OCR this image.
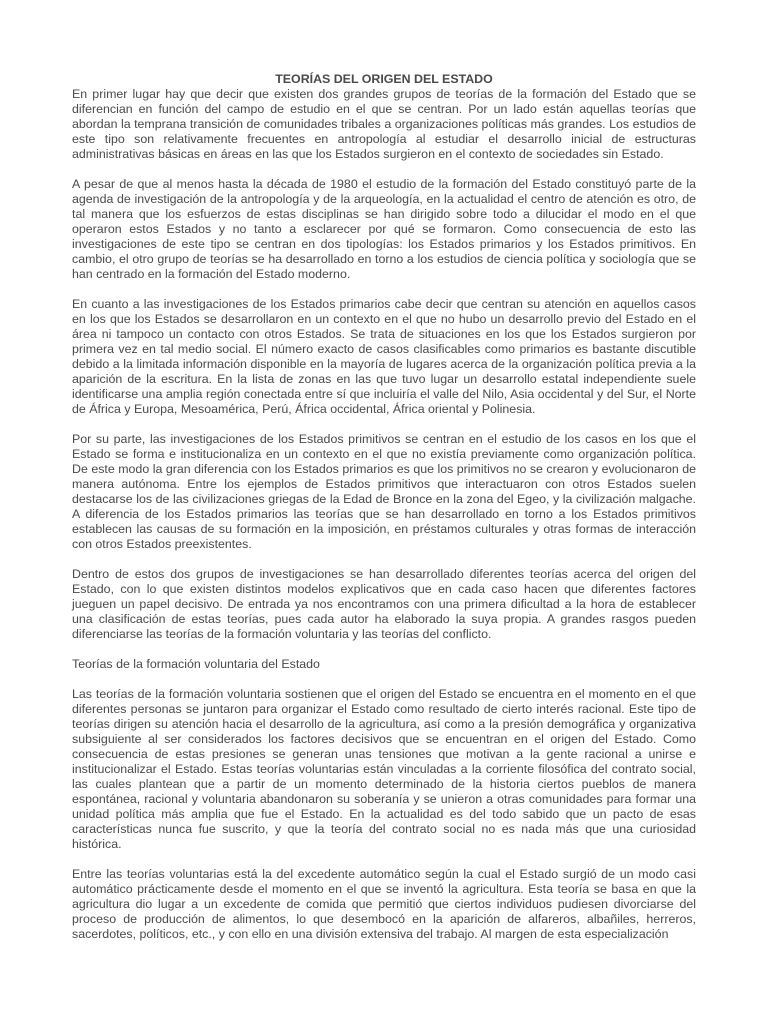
TEORÍAS DEL ORIGEN DEL ESTADO

En primer lugar hay que decir que existen dos grandes grupos de teorías de la formación del Estado que se diferencian en función del campo de estudio en el que se centran. Por un lado están aquellas teorías que abordan la temprana transición de comunidades tribales a organizaciones políticas más grandes. Los estudios de este tipo son relativamente frecuentes en antropología al estudiar el desarrollo inicial de estructuras administrativas básicas en áreas en las que los Estados surgieron en el contexto de sociedades sin Estado.

A pesar de que al menos hasta la década de 1980 el estudio de la formación del Estado constituyó parte de la agenda de investigación de la antropología y de la arqueología, en la actualidad el centro de atención es otro, de tal manera que los esfuerzos de estas disciplinas se han dirigido sobre todo a dilucidar el modo en el que operaron estos Estados y no tanto a esclarecer por qué se formaron. Como consecuencia de esto las investigaciones de este tipo se centran en dos tipologías: los Estados primarios y los Estados primitivos. En cambio, el otro grupo de teorías se ha desarrollado en torno a los estudios de ciencia política y sociología que se han centrado en la formación del Estado moderno.

En cuanto a las investigaciones de los Estados primarios cabe decir que centran su atención en aquellos casos en los que los Estados se desarrollaron en un contexto en el que no hubo un desarrollo previo del Estado en el área ni tampoco un contacto con otros Estados. Se trata de situaciones en los que los Estados surgieron por primera vez en tal medio social. El número exacto de casos clasificables como primarios es bastante discutible debido a la limitada información disponible en la mayoría de lugares acerca de la organización política previa a la aparición de la escritura. En la lista de zonas en las que tuvo lugar un desarrollo estatal independiente suele identificarse una amplia región conectada entre sí que incluiría el valle del Nilo, Asia occidental y del Sur, el Norte de África y Europa, Mesoamérica, Perú, África occidental, África oriental y Polinesia.

Por su parte, las investigaciones de los Estados primitivos se centran en el estudio de los casos en los que el Estado se forma e institucionaliza en un contexto en el que no existía previamente como organización política. De este modo la gran diferencia con los Estados primarios es que los primitivos no se crearon y evolucionaron de manera autónoma. Entre los ejemplos de Estados primitivos que interactuaron con otros Estados suelen destacarse los de las civilizaciones griegas de la Edad de Bronce en la zona del Egeo, y la civilización malgache. A diferencia de los Estados primarios las teorías que se han desarrollado en torno a los Estados primitivos establecen las causas de su formación en la imposición, en préstamos culturales y otras formas de interacción con otros Estados preexistentes.

Dentro de estos dos grupos de investigaciones se han desarrollado diferentes teorías acerca del origen del Estado, con lo que existen distintos modelos explicativos que en cada caso hacen que diferentes factores jueguen un papel decisivo. De entrada ya nos encontramos con una primera dificultad a la hora de establecer una clasificación de estas teorías, pues cada autor ha elaborado la suya propia. A grandes rasgos pueden diferenciarse las teorías de la formación voluntaria y las teorías del conflicto.

Teorías de la formación voluntaria del Estado

Las teorías de la formación voluntaria sostienen que el origen del Estado se encuentra en el momento en el que diferentes personas se juntaron para organizar el Estado como resultado de cierto interés racional. Este tipo de teorías dirigen su atención hacia el desarrollo de la agricultura, así como a la presión demográfica y organizativa subsiguiente al ser considerados los factores decisivos que se encuentran en el origen del Estado. Como consecuencia de estas presiones se generan unas tensiones que motivan a la gente racional a unirse e institucionalizar el Estado. Estas teorías voluntarias están vinculadas a la corriente filosófica del contrato social, las cuales plantean que a partir de un momento determinado de la historia ciertos pueblos de manera espontánea, racional y voluntaria abandonaron su soberanía y se unieron a otras comunidades para formar una unidad política más amplia que fue el Estado. En la actualidad es del todo sabido que un pacto de esas características nunca fue suscrito, y que la teoría del contrato social no es nada más que una curiosidad histórica.

Entre las teorías voluntarias está la del excedente automático según la cual el Estado surgió de un modo casi automático prácticamente desde el momento en el que se inventó la agricultura. Esta teoría se basa en que la agricultura dio lugar a un excedente de comida que permitió que ciertos individuos pudiesen divorciarse del proceso de producción de alimentos, lo que desembocó en la aparición de alfareros, albañiles, herreros, sacerdotes, políticos, etc., y con ello en una división extensiva del trabajo. Al margen de esta especialización
